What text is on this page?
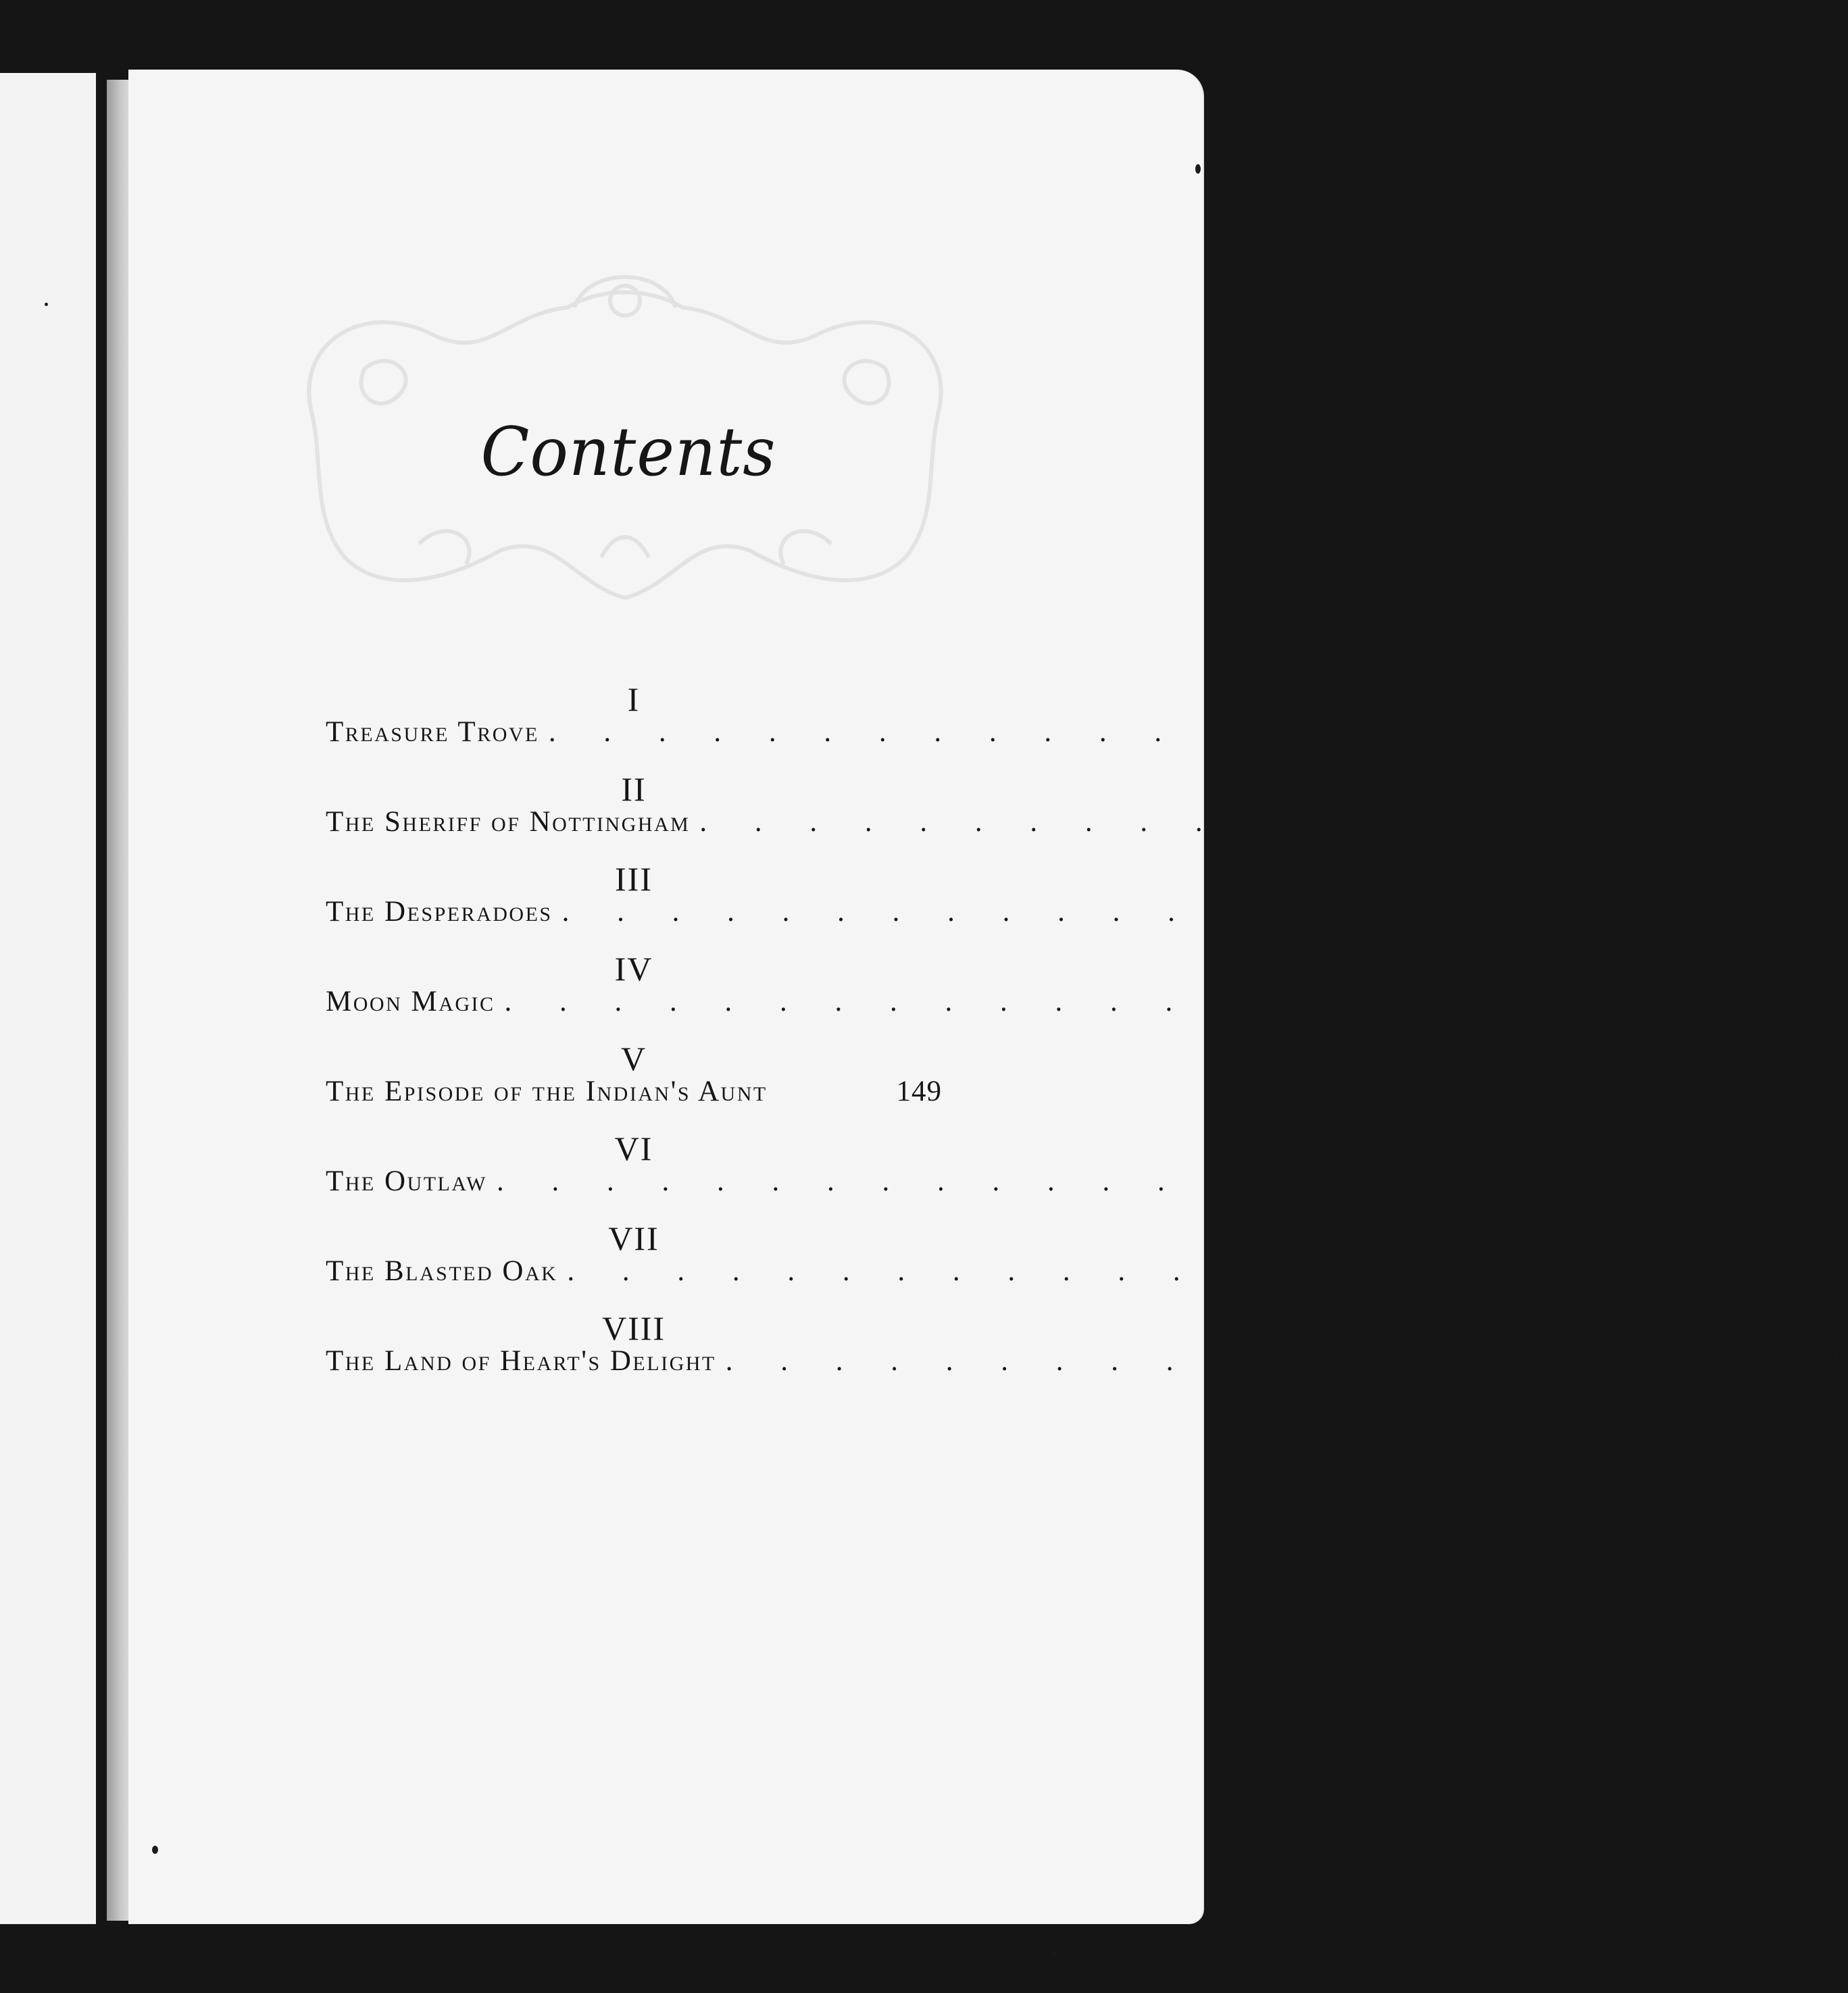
Contents
I
Treasure Trove . . . . . . . . . . . . . . . . . . . .	1
II
The Sheriff of Nottingham . . . . . . . . . . . . . . . . . . . . 33
III
The Desperadoes . . . . . . . . . . . . . . . . . . . . 72
IV
Moon Magic . . . . . . . . . . . . . . . . . . . . 104
V
The Episode of the Indian's Aunt	149
VI
The Outlaw . . . . . . . . . . . . . . . . . . . . 183
VII
The Blasted Oak . . . . . . . . . . . . . . . . . . . . 218
VIII
The Land of Heart's Delight . . . . . . . . . . . . . . . . . . . . 259
